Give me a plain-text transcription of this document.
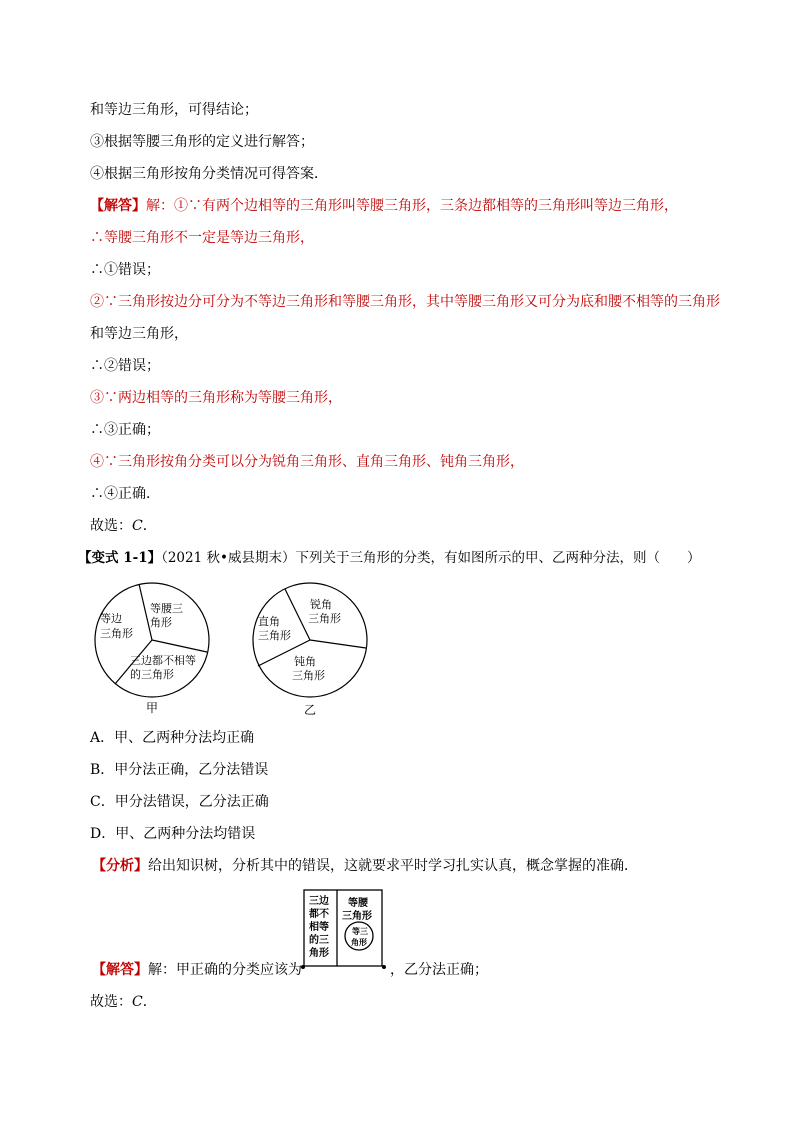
和等边三角形，可得结论；
③根据等腰三角形的定义进行解答；
④根据三角形按角分类情况可得答案．
【解答】解：①∵有两个边相等的三角形叫等腰三角形，三条边都相等的三角形叫等边三角形，
∴等腰三角形不一定是等边三角形，
∴①错误；
②∵三角形按边分可分为不等边三角形和等腰三角形，其中等腰三角形又可分为底和腰不相等的三角形
和等边三角形，
∴②错误；
③∵两边相等的三角形称为等腰三角形，
∴③正确；
④∵三角形按角分类可以分为锐角三角形、直角三角形、钝角三角形，
∴④正确．
故选：C．
【变式 1-1】（2021 秋•威县期末）下列关于三角形的分类，有如图所示的甲、乙两种分法，则（　　）
等边
三角形
等腰三
角形
三边都不相等
的三角形
甲
直角
三角形
锐角
三角形
钝角
三角形
乙
A．甲、乙两种分法均正确
B．甲分法正确，乙分法错误
C．甲分法错误，乙分法正确
D．甲、乙两种分法均错误
【分析】给出知识树，分析其中的错误，这就要求平时学习扎实认真，概念掌握的准确．
三边
都不
相等
的三
角形
等腰
三角形
等三
角形
【解答】解：甲正确的分类应该为	，乙分法正确；
故选：C．
